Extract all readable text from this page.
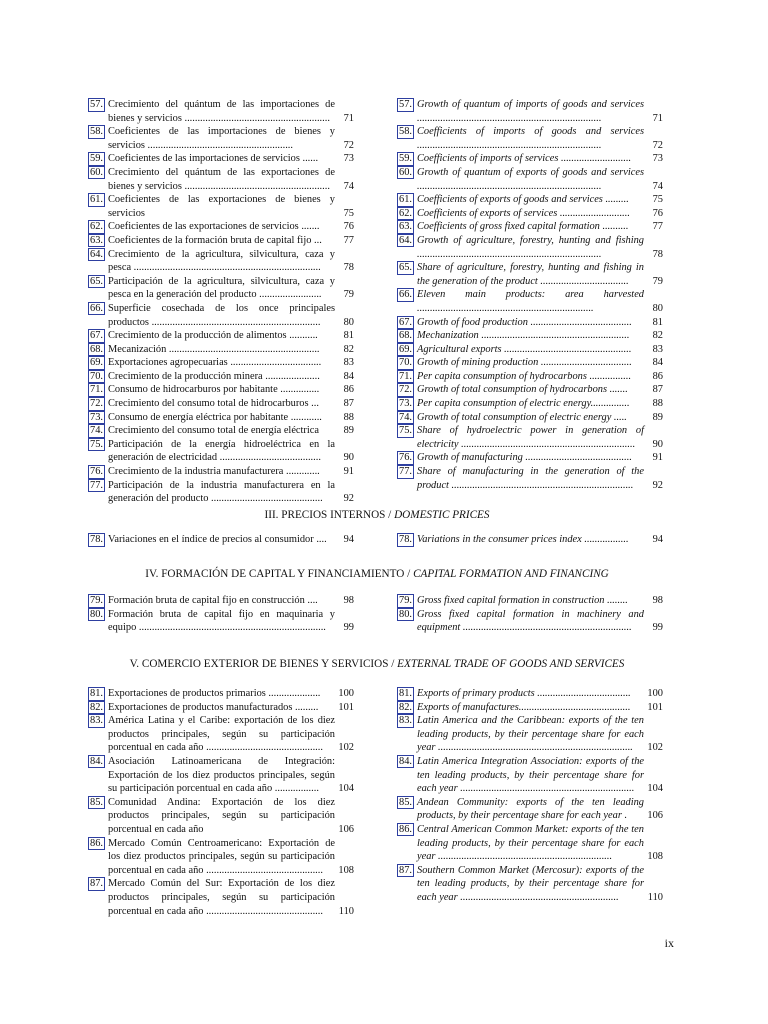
57. Crecimiento del quántum de las importaciones de bienes y servicios ........................................................	71
58. Coeficientes de las importaciones de bienes y servicios ........................................................	72
59. Coeficientes de las importaciones de servicios ......	73
60. Crecimiento del quántum de las exportaciones de bienes y servicios ........................................................	74
61. Coeficientes de las exportaciones de bienes y servicios	75
62. Coeficientes de las exportaciones de servicios .......	76
63. Coeficientes de la formación bruta de capital fijo ...	77
64. Crecimiento de la agricultura, silvicultura, caza y pesca ........................................................................	78
65. Participación de la agricultura, silvicultura, caza y pesca en la generación del producto ........................	79
66. Superficie cosechada de los once principales productos .................................................................	80
67. Crecimiento de la producción de alimentos ...........	81
68. Mecanización ..........................................................	82
69. Exportaciones agropecuarias ...................................	83
70. Crecimiento de la producción minera .....................	84
71. Consumo de hidrocarburos por habitante ...............	86
72. Crecimiento del consumo total de hidrocarburos ...	87
73. Consumo de energía eléctrica por habitante ............	88
74. Crecimiento del consumo total de energía eléctrica	89
75. Participación de la energía hidroeléctrica en la generación de electricidad .......................................	90
76. Crecimiento de la industria manufacturera .............	91
77. Participación de la industria manufacturera en la generación del producto ...........................................	92
57. Growth of quantum of imports of goods and services .......................................................................	71
58. Coefficients of imports of goods and services .......................................................................	72
59. Coefficients of imports of services ...........................	73
60. Growth of quantum of exports of goods and services .......................................................................	74
61. Coefficients of exports of goods and services .........	75
62. Coefficients of exports of services ...........................	76
63. Coefficients of gross fixed capital formation ..........	77
64. Growth of agriculture, forestry, hunting and fishing .......................................................................	78
65. Share of agriculture, forestry, hunting and fishing in the generation of the product ..................................	79
66. Eleven main products: area harvested ....................................................................	80
67. Growth of food production .......................................	81
68. Mechanization .........................................................	82
69. Agricultural exports .................................................	83
70. Growth of mining production ...................................	84
71. Per capita consumption of hydrocarbons ................	86
72. Growth of total consumption of hydrocarbons .......	87
73. Per capita consumption of electric energy...............	88
74. Growth of total consumption of electric energy .....	89
75. Share of hydroelectric power in generation of electricity ...................................................................	90
76. Growth of manufacturing .........................................	91
77. Share of manufacturing in the generation of the product ......................................................................	92
III. PRECIOS INTERNOS / DOMESTIC PRICES
78. Variaciones en el índice de precios al consumidor ....	94	78. Variations in the consumer prices index .................	94
IV. FORMACIÓN DE CAPITAL Y FINANCIAMIENTO / CAPITAL FORMATION AND FINANCING
79. Formación bruta de capital fijo en construcción ....	98
80. Formación bruta de capital fijo en maquinaria y equipo ........................................................................	99
79. Gross fixed capital formation in construction ........	98
80. Gross fixed capital formation in machinery and equipment .................................................................	99
V. COMERCIO EXTERIOR DE BIENES Y SERVICIOS / EXTERNAL TRADE OF GOODS AND SERVICES
81. Exportaciones de productos primarios ....................	100
82. Exportaciones de productos manufacturados .........	101
83. América Latina y el Caribe: exportación de los diez productos principales, según su participación porcentual en cada año .............................................	102
84. Asociación Latinoamericana de Integración: Exportación de los diez productos principales, según su participación porcentual en cada año .................	104
85. Comunidad Andina: Exportación de los diez productos principales, según su participación porcentual en cada año	106
86. Mercado Común Centroamericano: Exportación de los diez productos principales, según su participación porcentual en cada año .............................................	108
87. Mercado Común del Sur: Exportación de los diez productos principales, según su participación porcentual en cada año .............................................	110
81. Exports of primary products ....................................	100
82. Exports of manufactures...........................................	101
83. Latin America and the Caribbean: exports of the ten leading products, by their percentage share for each year ...........................................................................	102
84. Latin America Integration Association: exports of the ten leading products, by their percentage share for each year ...................................................................	104
85. Andean Community: exports of the ten leading products, by their percentage share for each year .	106
86. Central American Common Market: exports of the ten leading products, by their percentage share for each year ...................................................................	108
87. Southern Common Market (Mercosur): exports of the ten leading products, by their percentage share for each year .............................................................	110
ix
